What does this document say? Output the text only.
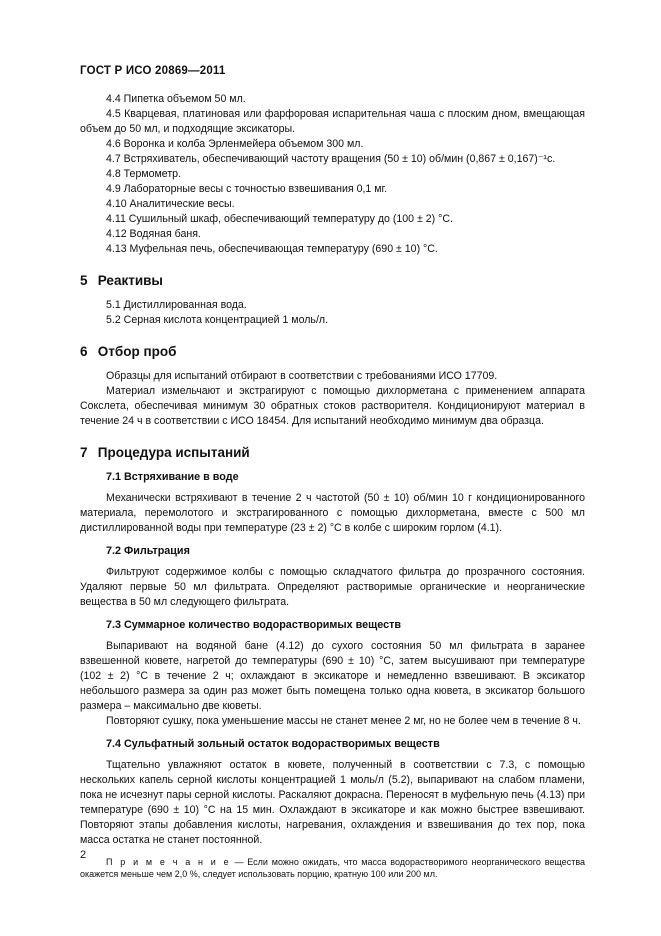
ГОСТ Р ИСО 20869—2011

4.4 Пипетка объемом 50 мл.

4.5 Кварцевая, платиновая или фарфоровая испарительная чаша с плоским дном, вмещающая объем до 50 мл, и подходящие эксикаторы.

4.6 Воронка и колба Эрленмейера объемом 300 мл.

4.7 Встряхиватель, обеспечивающий частоту вращения (50 ± 10) об/мин (0,867 ± 0,167)⁻¹с.

4.8 Термометр.

4.9 Лабораторные весы с точностью взвешивания 0,1 мг.

4.10 Аналитические весы.

4.11 Сушильный шкаф, обеспечивающий температуру до (100 ± 2) °С.

4.12 Водяная баня.

4.13 Муфельная печь, обеспечивающая температуру (690 ± 10) °С.

5 Реактивы

5.1 Дистиллированная вода.

5.2 Серная кислота концентрацией 1 моль/л.

6 Отбор проб

Образцы для испытаний отбирают в соответствии с требованиями ИСО 17709.

Материал измельчают и экстрагируют с помощью дихлорметана с применением аппарата Сокслета, обеспечивая минимум 30 обратных стоков растворителя. Кондиционируют материал в течение 24 ч в соответствии с ИСО 18454. Для испытаний необходимо минимум два образца.

7 Процедура испытаний
7.1 Встряхивание в воде

Механически встряхивают в течение 2 ч частотой (50 ± 10) об/мин 10 г кондиционированного материала, перемолотого и экстрагированного с помощью дихлорметана, вместе с 500 мл дистиллированной воды при температуре (23 ± 2) °С в колбе с широким горлом (4.1).

7.2 Фильтрация

Фильтруют содержимое колбы с помощью складчатого фильтра до прозрачного состояния. Удаляют первые 50 мл фильтрата. Определяют растворимые органические и неорганические вещества в 50 мл следующего фильтрата.

7.3 Суммарное количество водорастворимых веществ

Выпаривают на водяной бане (4.12) до сухого состояния 50 мл фильтрата в заранее взвешенной кювете, нагретой до температуры (690 ± 10) °С, затем высушивают при температуре (102 ± 2) °С в течение 2 ч; охлаждают в эксикаторе и немедленно взвешивают. В эксикатор небольшого размера за один раз может быть помещена только одна кювета, в эксикатор большого размера – максимально две кюветы.

Повторяют сушку, пока уменьшение массы не станет менее 2 мг, но не более чем в течение 8 ч.

7.4 Сульфатный зольный остаток водорастворимых веществ

Тщательно увлажняют остаток в кювете, полученный в соответствии с 7.3, с помощью нескольких капель серной кислоты концентрацией 1 моль/л (5.2), выпаривают на слабом пламени, пока не исчезнут пары серной кислоты. Раскаляют докрасна. Переносят в муфельную печь (4.13) при температуре (690 ± 10) °С на 15 мин. Охлаждают в эксикаторе и как можно быстрее взвешивают. Повторяют этапы добавления кислоты, нагревания, охлаждения и взвешивания до тех пор, пока масса остатка не станет постоянной.

П р и м е ч а н и е — Если можно ожидать, что масса водорастворимого неорганического вещества окажется меньше чем 2,0 %, следует использовать порцию, кратную 100 или 200 мл.

2
